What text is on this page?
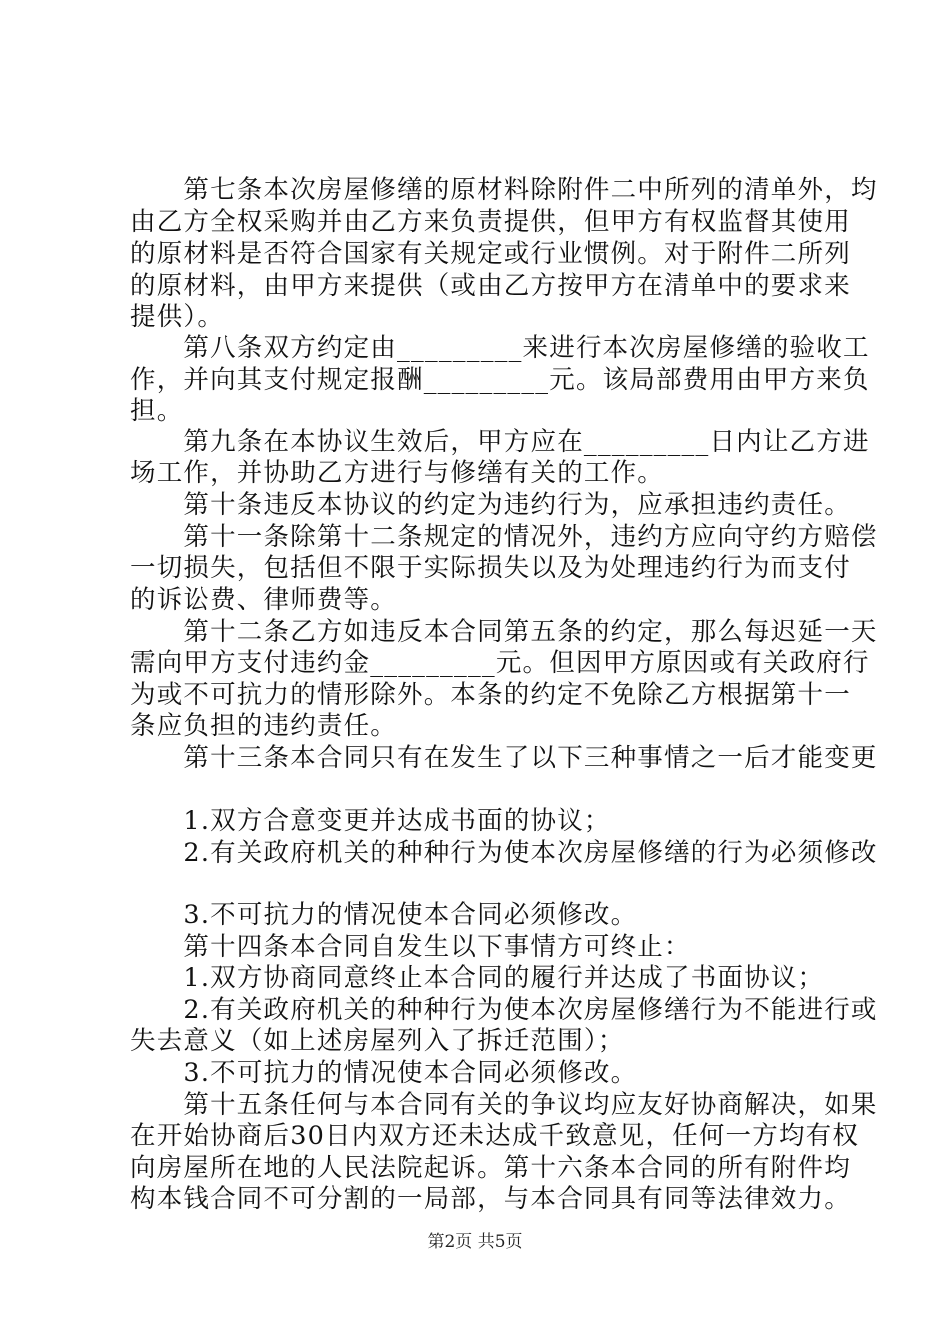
　　第七条本次房屋修缮的原材料除附件二中所列的清单外，均
由乙方全权采购并由乙方来负责提供，但甲方有权监督其使用
的原材料是否符合国家有关规定或行业惯例。对于附件二所列
的原材料，由甲方来提供（或由乙方按甲方在清单中的要求来
提供）。
　　第八条双方约定由_________来进行本次房屋修缮的验收工
作，并向其支付规定报酬_________元。该局部费用由甲方来负
担。
　　第九条在本协议生效后，甲方应在_________日内让乙方进
场工作，并协助乙方进行与修缮有关的工作。
　　第十条违反本协议的约定为违约行为，应承担违约责任。
　　第十一条除第十二条规定的情况外，违约方应向守约方赔偿
一切损失，包括但不限于实际损失以及为处理违约行为而支付
的诉讼费、律师费等。
　　第十二条乙方如违反本合同第五条的约定，那么每迟延一天
需向甲方支付违约金_________元。但因甲方原因或有关政府行
为或不可抗力的情形除外。本条的约定不免除乙方根据第十一
条应负担的违约责任。
　　第十三条本合同只有在发生了以下三种事情之一后才能变更
　　1.双方合意变更并达成书面的协议；
　　2.有关政府机关的种种行为使本次房屋修缮的行为必须修改
　　3.不可抗力的情况使本合同必须修改。
　　第十四条本合同自发生以下事情方可终止：
　　1.双方协商同意终止本合同的履行并达成了书面协议；
　　2.有关政府机关的种种行为使本次房屋修缮行为不能进行或
失去意义（如上述房屋列入了拆迁范围）；
　　3.不可抗力的情况使本合同必须修改。
　　第十五条任何与本合同有关的争议均应友好协商解决，如果
在开始协商后30日内双方还未达成千致意见，任何一方均有权
向房屋所在地的人民法院起诉。第十六条本合同的所有附件均
构本钱合同不可分割的一局部，与本合同具有同等法律效力。
第2页 共5页
